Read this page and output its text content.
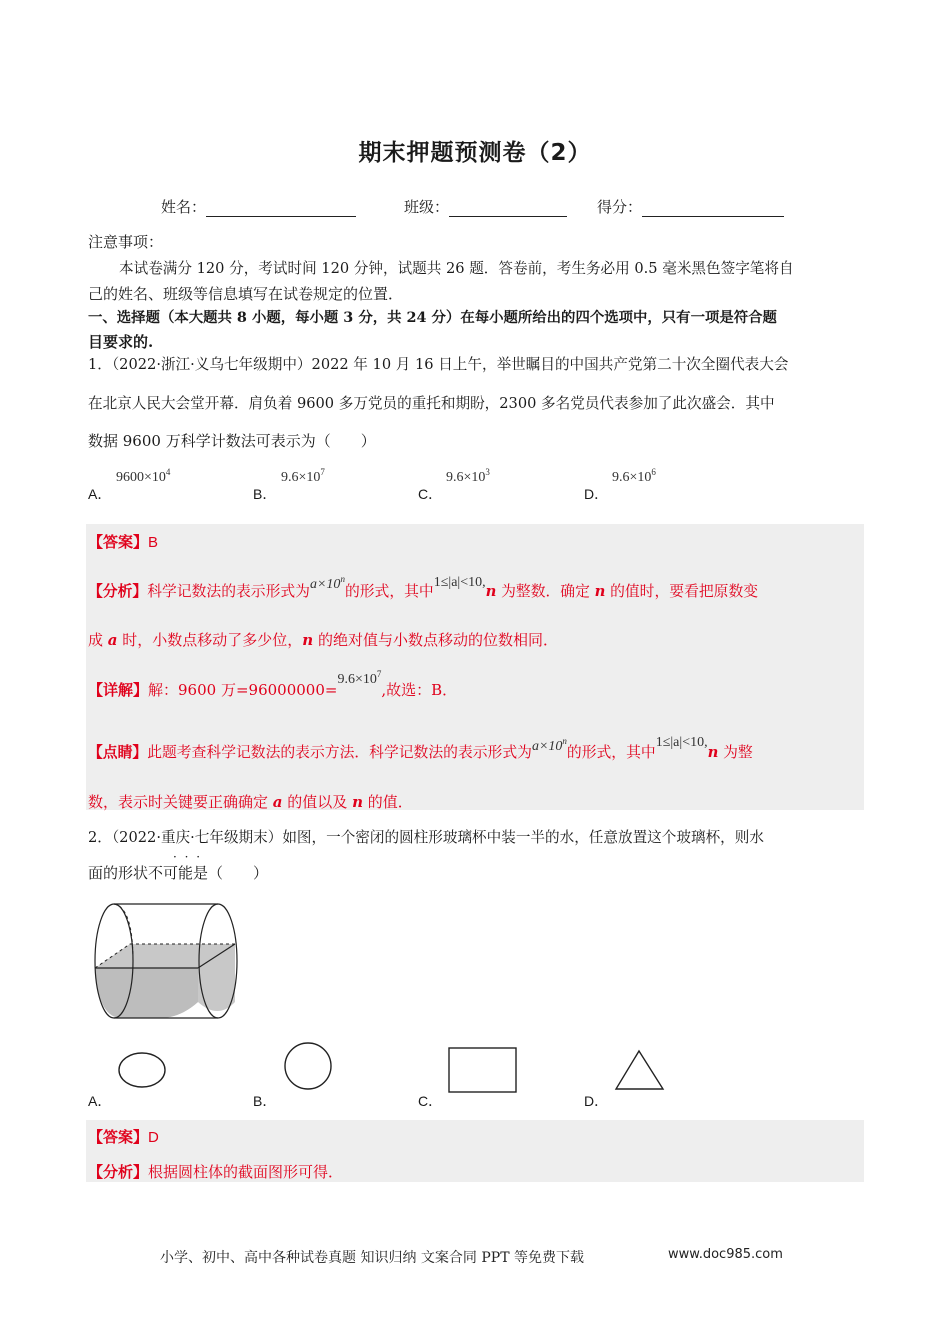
期末押题预测卷（2）
姓名：	班级：	得分：
注意事项：
本试卷满分 120 分，考试时间 120 分钟，试题共 26 题．答卷前，考生务必用 0.5 毫米黑色签字笔将自
己的姓名、班级等信息填写在试卷规定的位置．
一、选择题（本大题共 8 小题，每小题 3 分，共 24 分）在每小题所给出的四个选项中，只有一项是符合题
目要求的.
1．（2022·浙江·义乌七年级期中）2022 年 10 月 16 日上午，举世瞩目的中国共产党第二十次全圈代表大会
在北京人民大会堂开幕．肩负着 9600 多万党员的重托和期盼，2300 多名党员代表参加了此次盛会．其中
数据 9600 万科学计数法可表示为（　　）
$9600\times 10^4$
A．
$9.6\times 10^7$
B．
$9.6\times 10^3$
C．
$9.6\times 10^6$
D．
【答案】B
【分析】科学记数法的表示形式为$a\times 10^n$的形式，其中1≤|a|<10,n 为整数．确定 n 的值时，要看把原数变
成 a 时，小数点移动了多少位，n 的绝对值与小数点移动的位数相同．
【详解】解：9600 万$=96000000=9.6\times 10^7$,故选：B．
【点睛】此题考查科学记数法的表示方法．科学记数法的表示形式为$a\times 10^n$的形式，其中1≤|a|<10,n 为整
数，表示时关键要正确确定 a 的值以及 n 的值．
2．（2022·重庆·七年级期末）如图，一个密闭的圆柱形玻璃杯中装一半的水，任意放置这个玻璃杯，则水
· · ·
面的形状不可能是（　　）
A．	B．	C．	D．
【答案】D
【分析】根据圆柱体的截面图形可得．
小学、初中、高中各种试卷真题 知识归纳 文案合同 PPT 等免费下载	www.doc985.com
